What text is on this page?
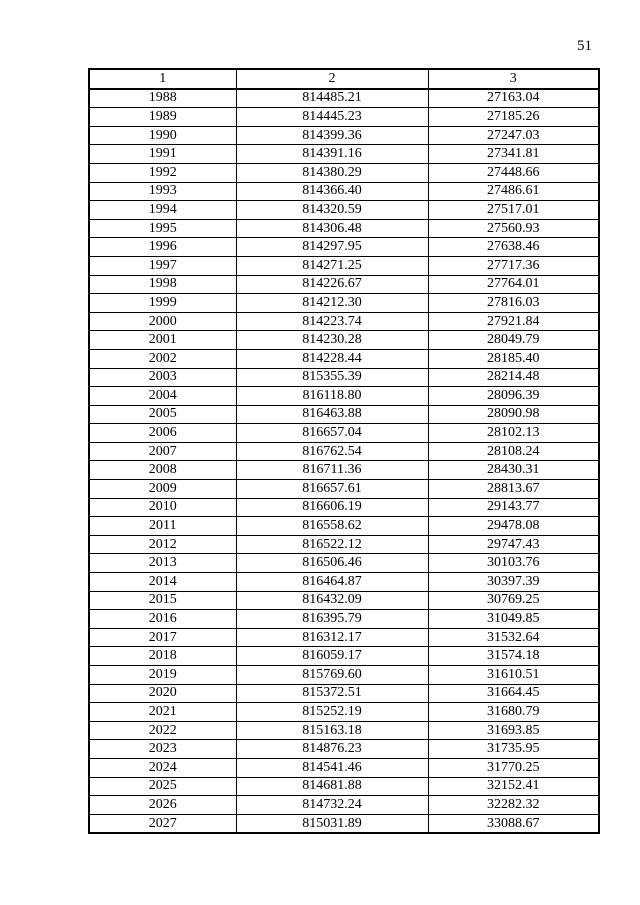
51
1	2	3
1988	814485.21	27163.04
1989	814445.23	27185.26
1990	814399.36	27247.03
1991	814391.16	27341.81
1992	814380.29	27448.66
1993	814366.40	27486.61
1994	814320.59	27517.01
1995	814306.48	27560.93
1996	814297.95	27638.46
1997	814271.25	27717.36
1998	814226.67	27764.01
1999	814212.30	27816.03
2000	814223.74	27921.84
2001	814230.28	28049.79
2002	814228.44	28185.40
2003	815355.39	28214.48
2004	816118.80	28096.39
2005	816463.88	28090.98
2006	816657.04	28102.13
2007	816762.54	28108.24
2008	816711.36	28430.31
2009	816657.61	28813.67
2010	816606.19	29143.77
2011	816558.62	29478.08
2012	816522.12	29747.43
2013	816506.46	30103.76
2014	816464.87	30397.39
2015	816432.09	30769.25
2016	816395.79	31049.85
2017	816312.17	31532.64
2018	816059.17	31574.18
2019	815769.60	31610.51
2020	815372.51	31664.45
2021	815252.19	31680.79
2022	815163.18	31693.85
2023	814876.23	31735.95
2024	814541.46	31770.25
2025	814681.88	32152.41
2026	814732.24	32282.32
2027	815031.89	33088.67
